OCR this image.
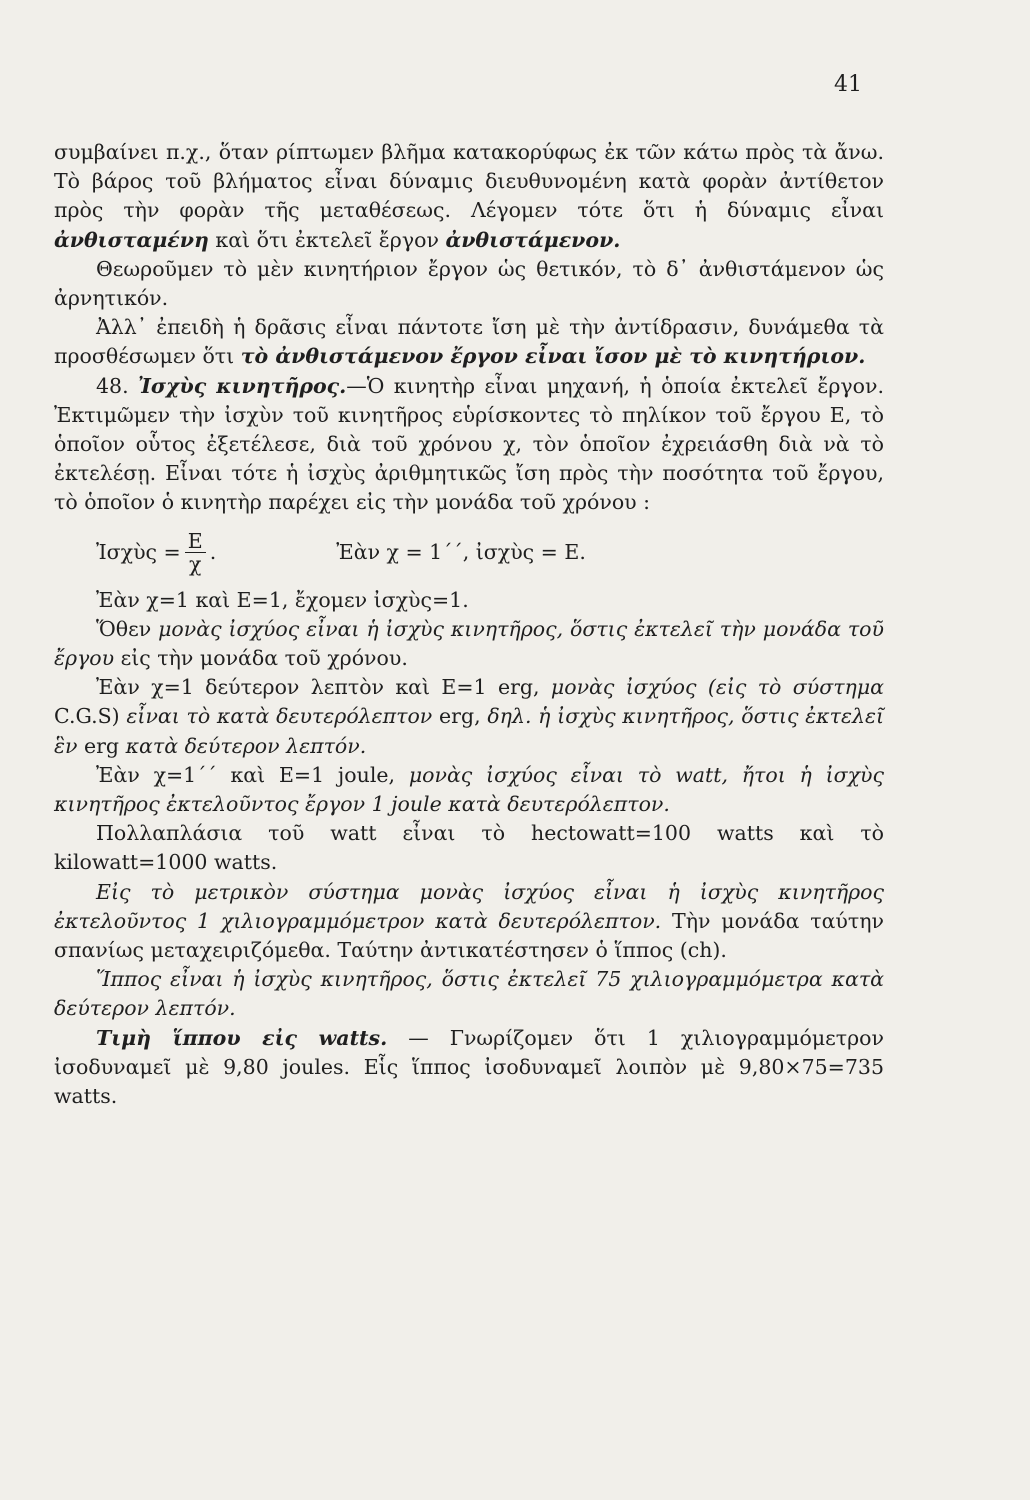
41

συμβαίνει π.χ., ὅταν ρίπτωμεν βλῆμα κατακορύφως ἐκ τῶν κάτω πρὸς τὰ ἄνω. Τὸ βάρος τοῦ βλήματος εἶναι δύναμις διευθυνομένη κατὰ φορὰν ἀντίθετον πρὸς τὴν φορὰν τῆς μεταθέσεως. Λέγομεν τότε ὅτι ἡ δύναμις εἶναι ἀνθισταμένη καὶ ὅτι ἐκτελεῖ ἔργον ἀνθιστάμενον.

Θεωροῦμεν τὸ μὲν κινητήριον ἔργον ὡς θετικόν, τὸ δ᾽ ἀνθιστάμενον ὡς ἀρνητικόν.

Ἀλλ᾽ ἐπειδὴ ἡ δρᾶσις εἶναι πάντοτε ἴση μὲ τὴν ἀντίδρασιν, δυνάμεθα τὰ προσθέσωμεν ὅτι τὸ ἀνθιστάμενον ἔργον εἶναι ἴσον μὲ τὸ κινητήριον.

48. Ἰσχὺς κινητῆρος.—Ὁ κινητὴρ εἶναι μηχανή, ἡ ὁποία ἐκτελεῖ ἔργον. Ἐκτιμῶμεν τὴν ἰσχὺν τοῦ κινητῆρος εὑρίσκοντες τὸ πηλίκον τοῦ ἔργου Ε, τὸ ὁποῖον οὗτος ἐξετέλεσε, διὰ τοῦ χρόνου χ, τὸν ὁποῖον ἐχρειάσθη διὰ νὰ τὸ ἐκτελέσῃ. Εἶναι τότε ἡ ἰσχὺς ἀριθμητικῶς ἴση πρὸς τὴν ποσότητα τοῦ ἔργου, τὸ ὁποῖον ὁ κινητὴρ παρέχει εἰς τὴν μονάδα τοῦ χρόνου :

Ἰσχὺς = $\frac{E}{\chi}$ .	Ἐὰν χ = 1΄΄, ἰσχὺς = Ε.

Ἐὰν χ=1 καὶ Ε=1, ἔχομεν ἰσχὺς=1.

Ὅθεν μονὰς ἰσχύος εἶναι ἡ ἰσχὺς κινητῆρος, ὅστις ἐκτελεῖ τὴν μονάδα τοῦ ἔργου εἰς τὴν μονάδα τοῦ χρόνου.

Ἐὰν χ=1 δεύτερον λεπτὸν καὶ Ε=1 erg, μονὰς ἰσχύος (εἰς τὸ σύστημα C.G.S) εἶναι τὸ κατὰ δευτερόλεπτον erg, δηλ. ἡ ἰσχὺς κινητῆρος, ὅστις ἐκτελεῖ ἓν erg κατὰ δεύτερον λεπτόν.

Ἐὰν χ=1΄΄ καὶ Ε=1 joule, μονὰς ἰσχύος εἶναι τὸ watt, ἤτοι ἡ ἰσχὺς κινητῆρος ἐκτελοῦντος ἔργον 1 joule κατὰ δευτερόλεπτον.

Πολλαπλάσια τοῦ watt εἶναι τὸ hectowatt=100 watts καὶ τὸ kilowatt=1000 watts.

Εἰς τὸ μετρικὸν σύστημα μονὰς ἰσχύος εἶναι ἡ ἰσχὺς κινητῆρος ἐκτελοῦντος 1 χιλιογραμμόμετρον κατὰ δευτερόλεπτον. Τὴν μονάδα ταύτην σπανίως μεταχειριζόμεθα. Ταύτην ἀντικατέστησεν ὁ ἵππος (ch).

Ἵππος εἶναι ἡ ἰσχὺς κινητῆρος, ὅστις ἐκτελεῖ 75 χιλιογραμμόμετρα κατὰ δεύτερον λεπτόν.

Τιμὴ ἵππου εἰς watts. — Γνωρίζομεν ὅτι 1 χιλιογραμμόμετρον ἰσοδυναμεῖ μὲ 9,80 joules. Εἷς ἵππος ἰσοδυναμεῖ λοιπὸν μὲ 9,80×75=735 watts.
